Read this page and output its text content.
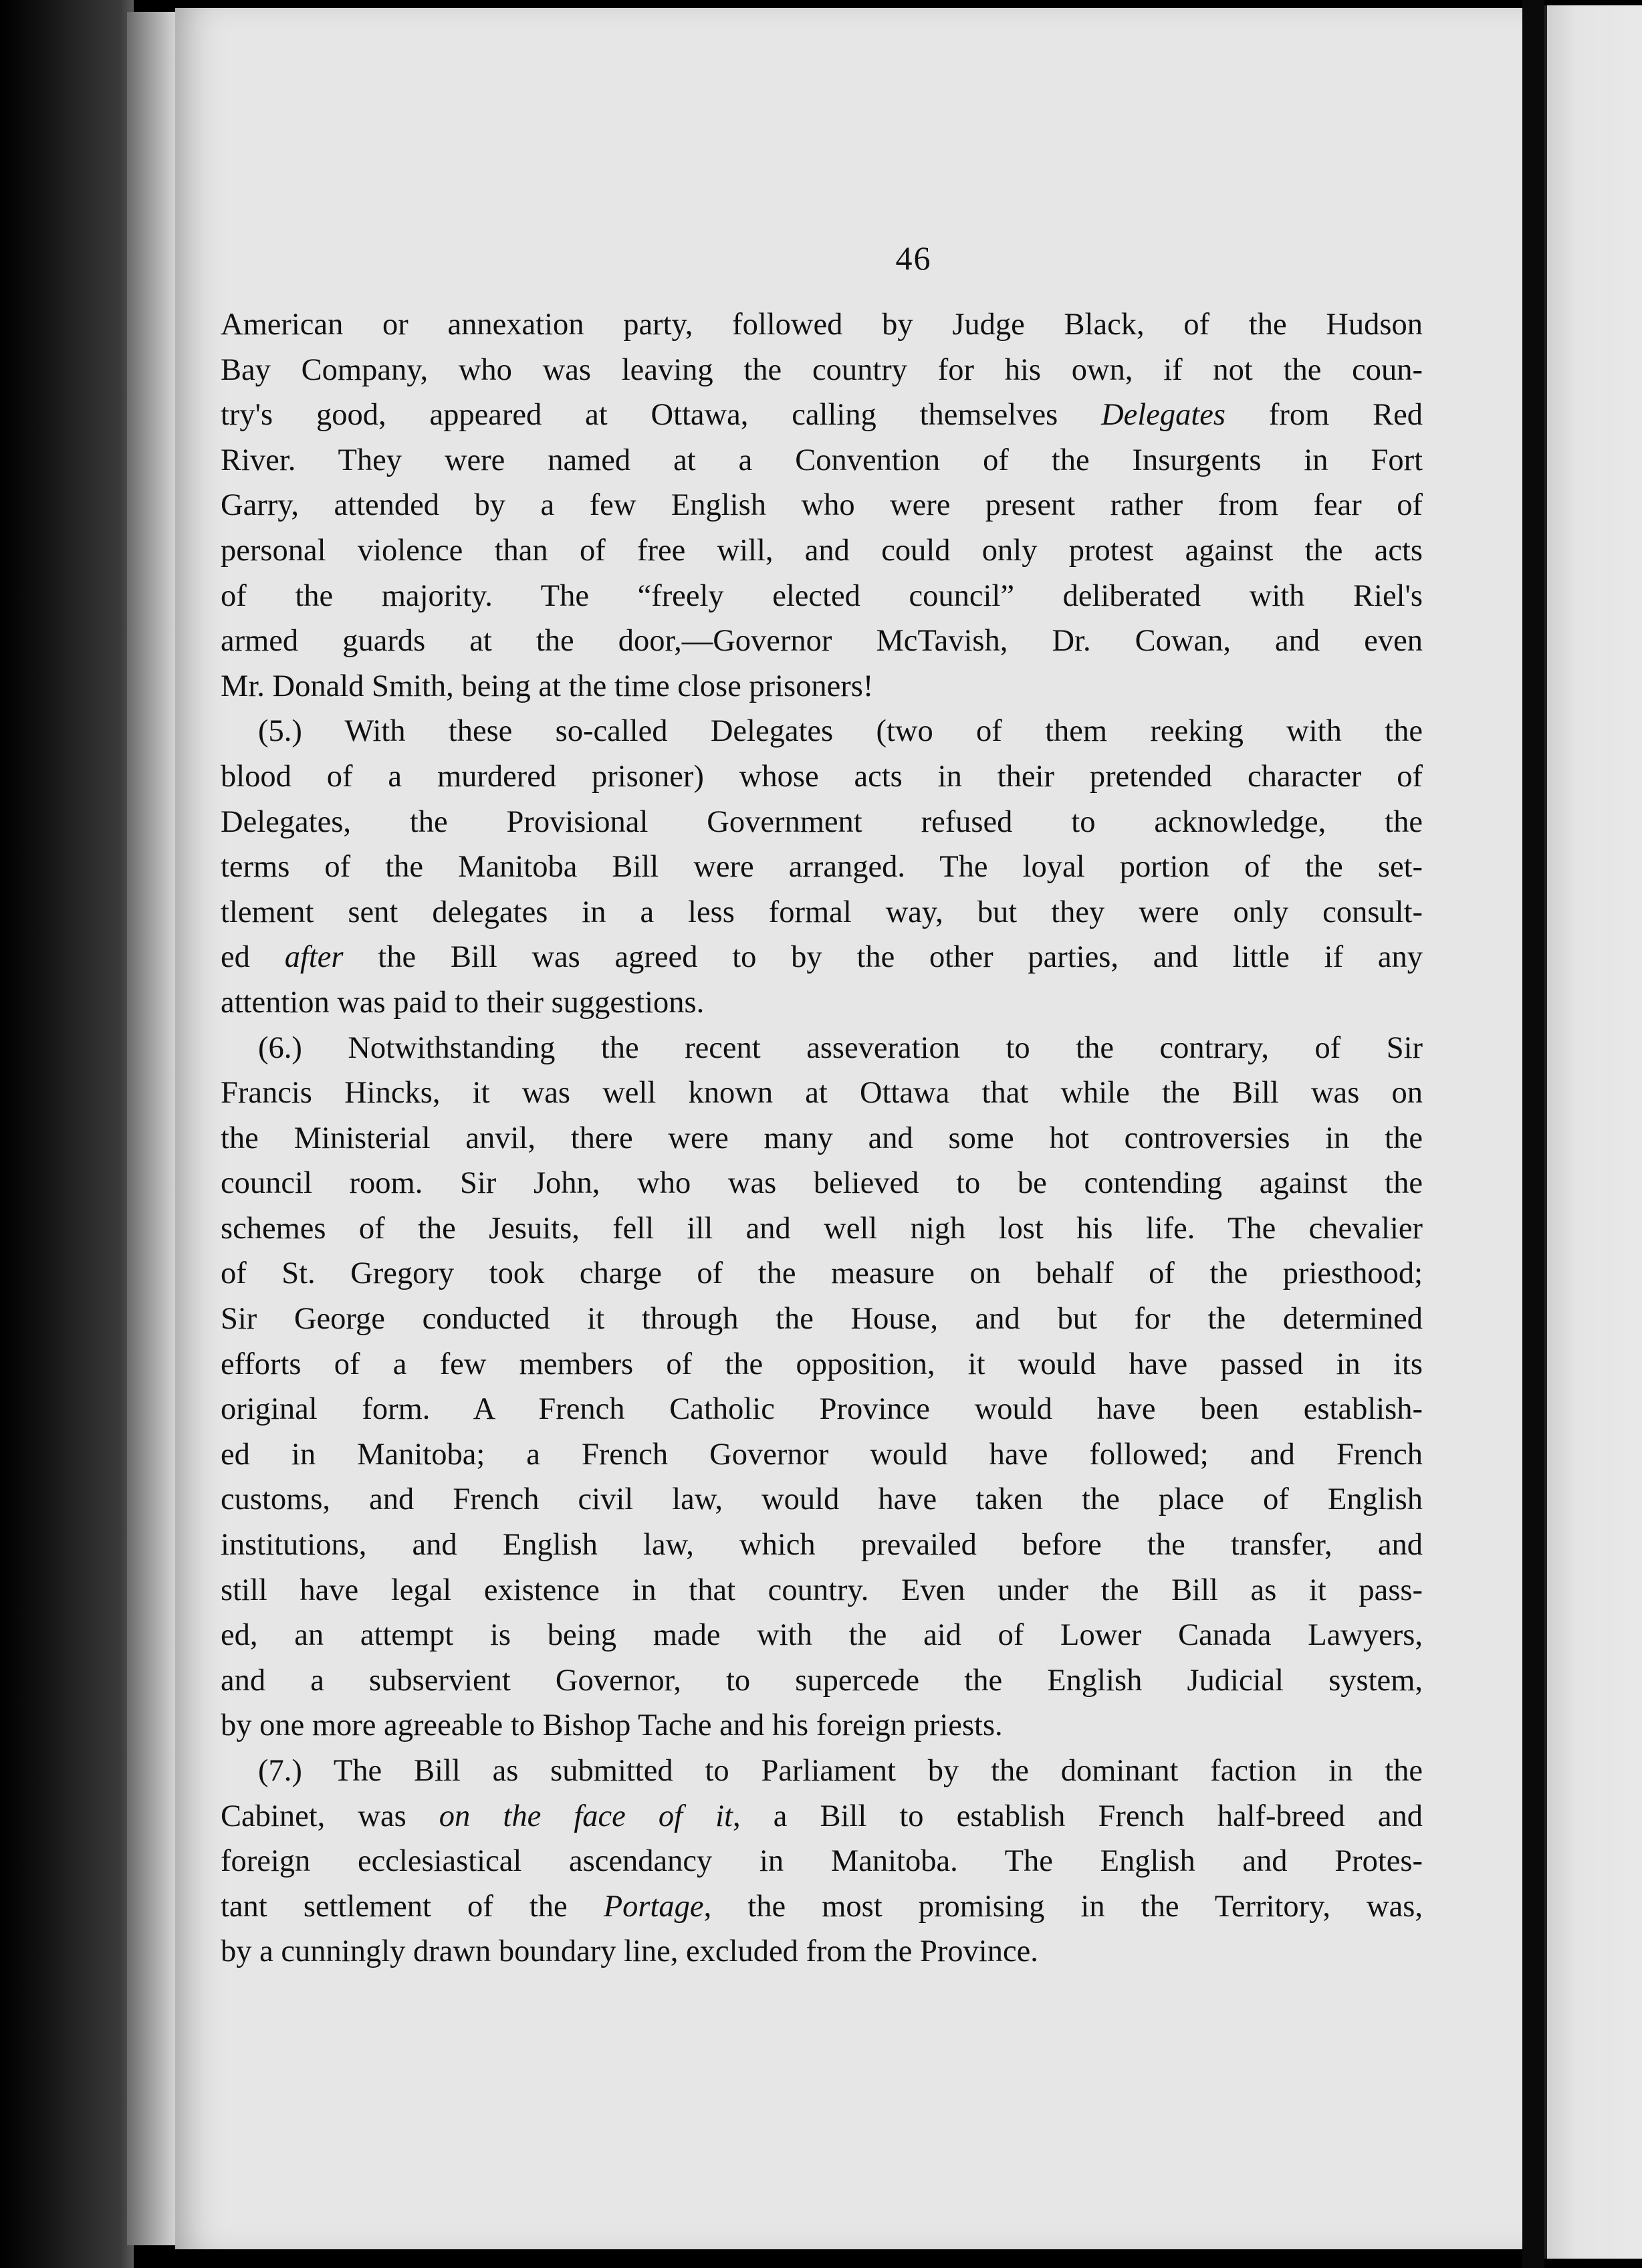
46
American or annexation party, followed by Judge Black, of the Hudson
Bay Company, who was leaving the country for his own, if not the coun-
try's good, appeared at Ottawa, calling themselves Delegates from Red
River. They were named at a Convention of the Insurgents in Fort
Garry, attended by a few English who were present rather from fear of
personal violence than of free will, and could only protest against the acts
of the majority. The “freely elected council” deliberated with Riel's
armed guards at the door,—Governor McTavish, Dr. Cowan, and even
Mr. Donald Smith, being at the time close prisoners!
(5.) With these so-called Delegates (two of them reeking with the
blood of a murdered prisoner) whose acts in their pretended character of
Delegates, the Provisional Government refused to acknowledge, the
terms of the Manitoba Bill were arranged. The loyal portion of the set-
tlement sent delegates in a less formal way, but they were only consult-
ed after the Bill was agreed to by the other parties, and little if any
attention was paid to their suggestions.
(6.) Notwithstanding the recent asseveration to the contrary, of Sir
Francis Hincks, it was well known at Ottawa that while the Bill was on
the Ministerial anvil, there were many and some hot controversies in the
council room. Sir John, who was believed to be contending against the
schemes of the Jesuits, fell ill and well nigh lost his life. The chevalier
of St. Gregory took charge of the measure on behalf of the priesthood;
Sir George conducted it through the House, and but for the determined
efforts of a few members of the opposition, it would have passed in its
original form. A French Catholic Province would have been establish-
ed in Manitoba; a French Governor would have followed; and French
customs, and French civil law, would have taken the place of English
institutions, and English law, which prevailed before the transfer, and
still have legal existence in that country. Even under the Bill as it pass-
ed, an attempt is being made with the aid of Lower Canada Lawyers,
and a subservient Governor, to supercede the English Judicial system,
by one more agreeable to Bishop Tache and his foreign priests.
(7.) The Bill as submitted to Parliament by the dominant faction in the
Cabinet, was on the face of it, a Bill to establish French half-breed and
foreign ecclesiastical ascendancy in Manitoba. The English and Protes-
tant settlement of the Portage, the most promising in the Territory, was,
by a cunningly drawn boundary line, excluded from the Province.
